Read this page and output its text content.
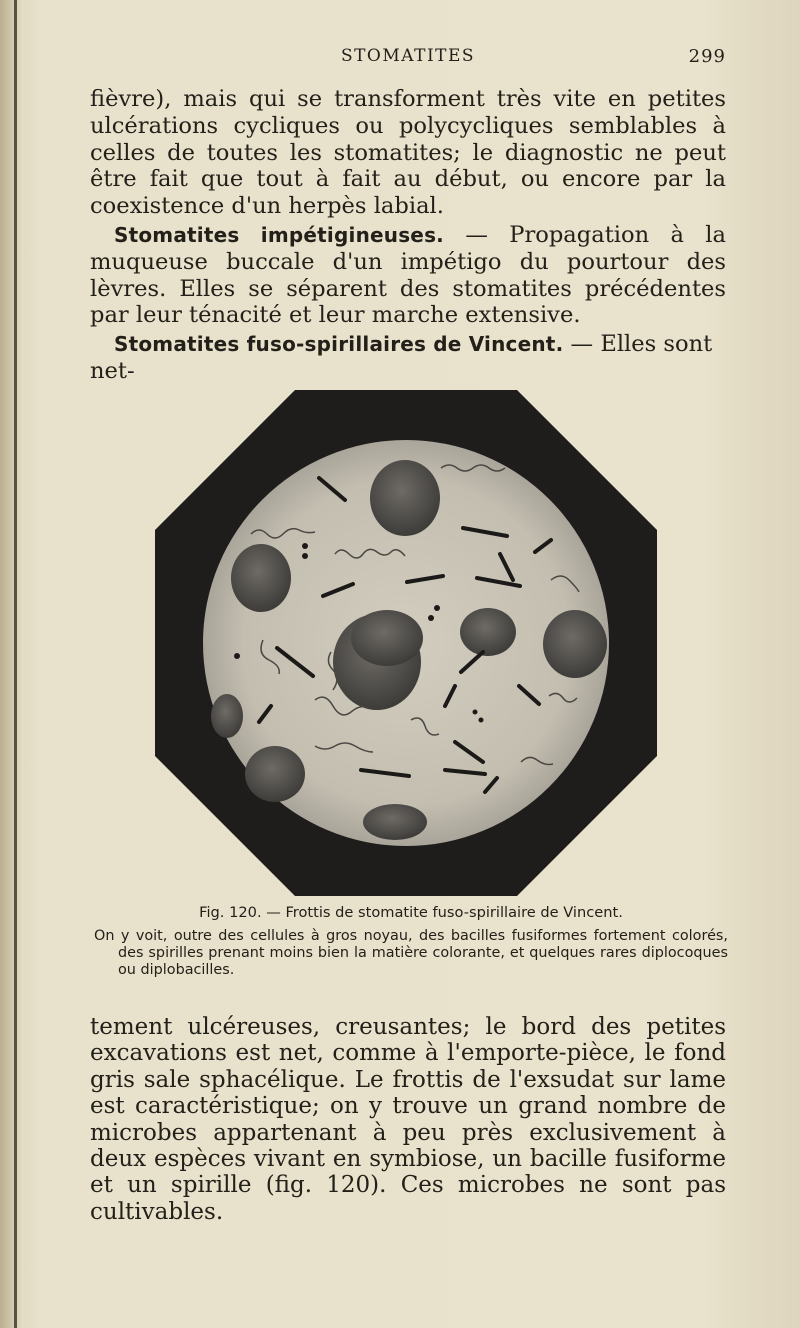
STOMATITES	299

fièvre), mais qui se transforment très vite en petites ulcérations cycliques ou polycycliques semblables à celles de toutes les stomatites; le diagnostic ne peut être fait que tout à fait au début, ou encore par la coexistence d'un herpès labial.

Stomatites impétigineuses. — Propagation à la muqueuse buccale d'un impétigo du pourtour des lèvres. Elles se séparent des stomatites précédentes par leur ténacité et leur marche extensive.

Stomatites fuso-spirillaires de Vincent. — Elles sont net-

Fig. 120. — Frottis de stomatite fuso-spirillaire de Vincent.

On y voit, outre des cellules à gros noyau, des bacilles fusiformes fortement colorés, des spirilles prenant moins bien la matière colorante, et quelques rares diplocoques ou diplobacilles.

tement ulcéreuses, creusantes; le bord des petites excavations est net, comme à l'emporte-pièce, le fond gris sale sphacélique. Le frottis de l'exsudat sur lame est caractéristique; on y trouve un grand nombre de microbes appartenant à peu près exclusivement à deux espèces vivant en symbiose, un bacille fusiforme et un spirille (fig. 120). Ces microbes ne sont pas cultivables.
